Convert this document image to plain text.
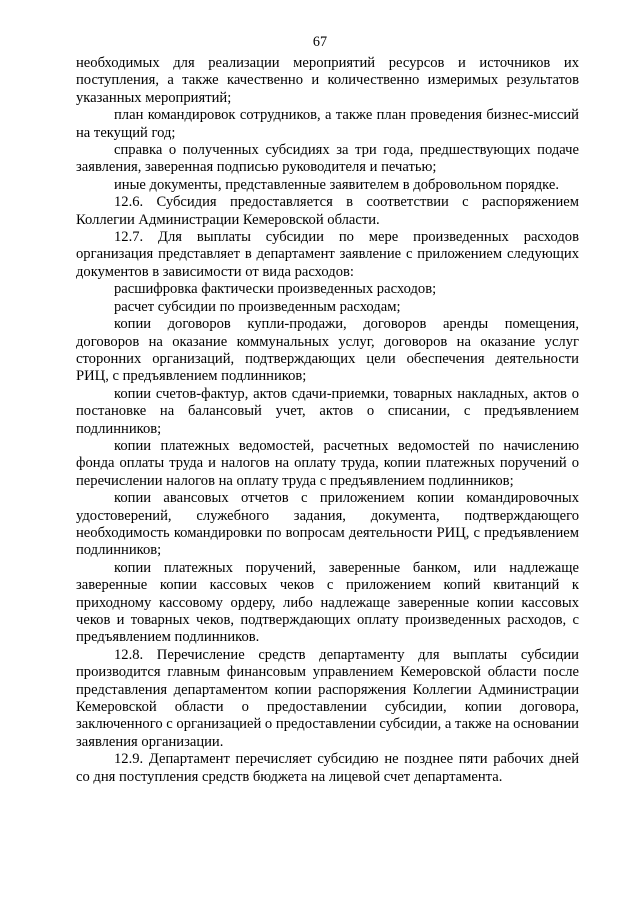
67

необходимых для реализации мероприятий ресурсов и источников их поступления, а также качественно и количественно измеримых результатов указанных мероприятий;

план командировок сотрудников, а также план проведения бизнес-миссий на текущий год;

справка о полученных субсидиях за три года, предшествующих подаче заявления, заверенная подписью руководителя и печатью;

иные документы, представленные заявителем в добровольном порядке.

12.6. Субсидия предоставляется в соответствии с распоряжением Коллегии Администрации Кемеровской области.

12.7. Для выплаты субсидии по мере произведенных расходов организация представляет в департамент заявление с приложением следующих документов в зависимости от вида расходов:

расшифровка фактически произведенных расходов;

расчет субсидии по произведенным расходам;

копии договоров купли-продажи, договоров аренды помещения, договоров на оказание коммунальных услуг, договоров на оказание услуг сторонних организаций, подтверждающих цели обеспечения деятельности РИЦ, с предъявлением подлинников;

копии счетов-фактур, актов сдачи-приемки, товарных накладных, актов о постановке на балансовый учет, актов о списании, с предъявлением подлинников;

копии платежных ведомостей, расчетных ведомостей по начислению фонда оплаты труда и налогов на оплату труда, копии платежных поручений о перечислении налогов на оплату труда с предъявлением подлинников;

копии авансовых отчетов с приложением копии командировочных удостоверений, служебного задания, документа, подтверждающего необходимость командировки по вопросам деятельности РИЦ, с предъявлением подлинников;

копии платежных поручений, заверенные банком, или надлежаще заверенные копии кассовых чеков с приложением копий квитанций к приходному кассовому ордеру, либо надлежаще заверенные копии кассовых чеков и товарных чеков, подтверждающих оплату произведенных расходов, с предъявлением подлинников.

12.8. Перечисление средств департаменту для выплаты субсидии производится главным финансовым управлением Кемеровской области после представления департаментом копии распоряжения Коллегии Администрации Кемеровской области о предоставлении субсидии, копии договора, заключенного с организацией о предоставлении субсидии, а также на основании заявления организации.

12.9. Департамент перечисляет субсидию не позднее пяти рабочих дней со дня поступления средств бюджета на лицевой счет департамента.
